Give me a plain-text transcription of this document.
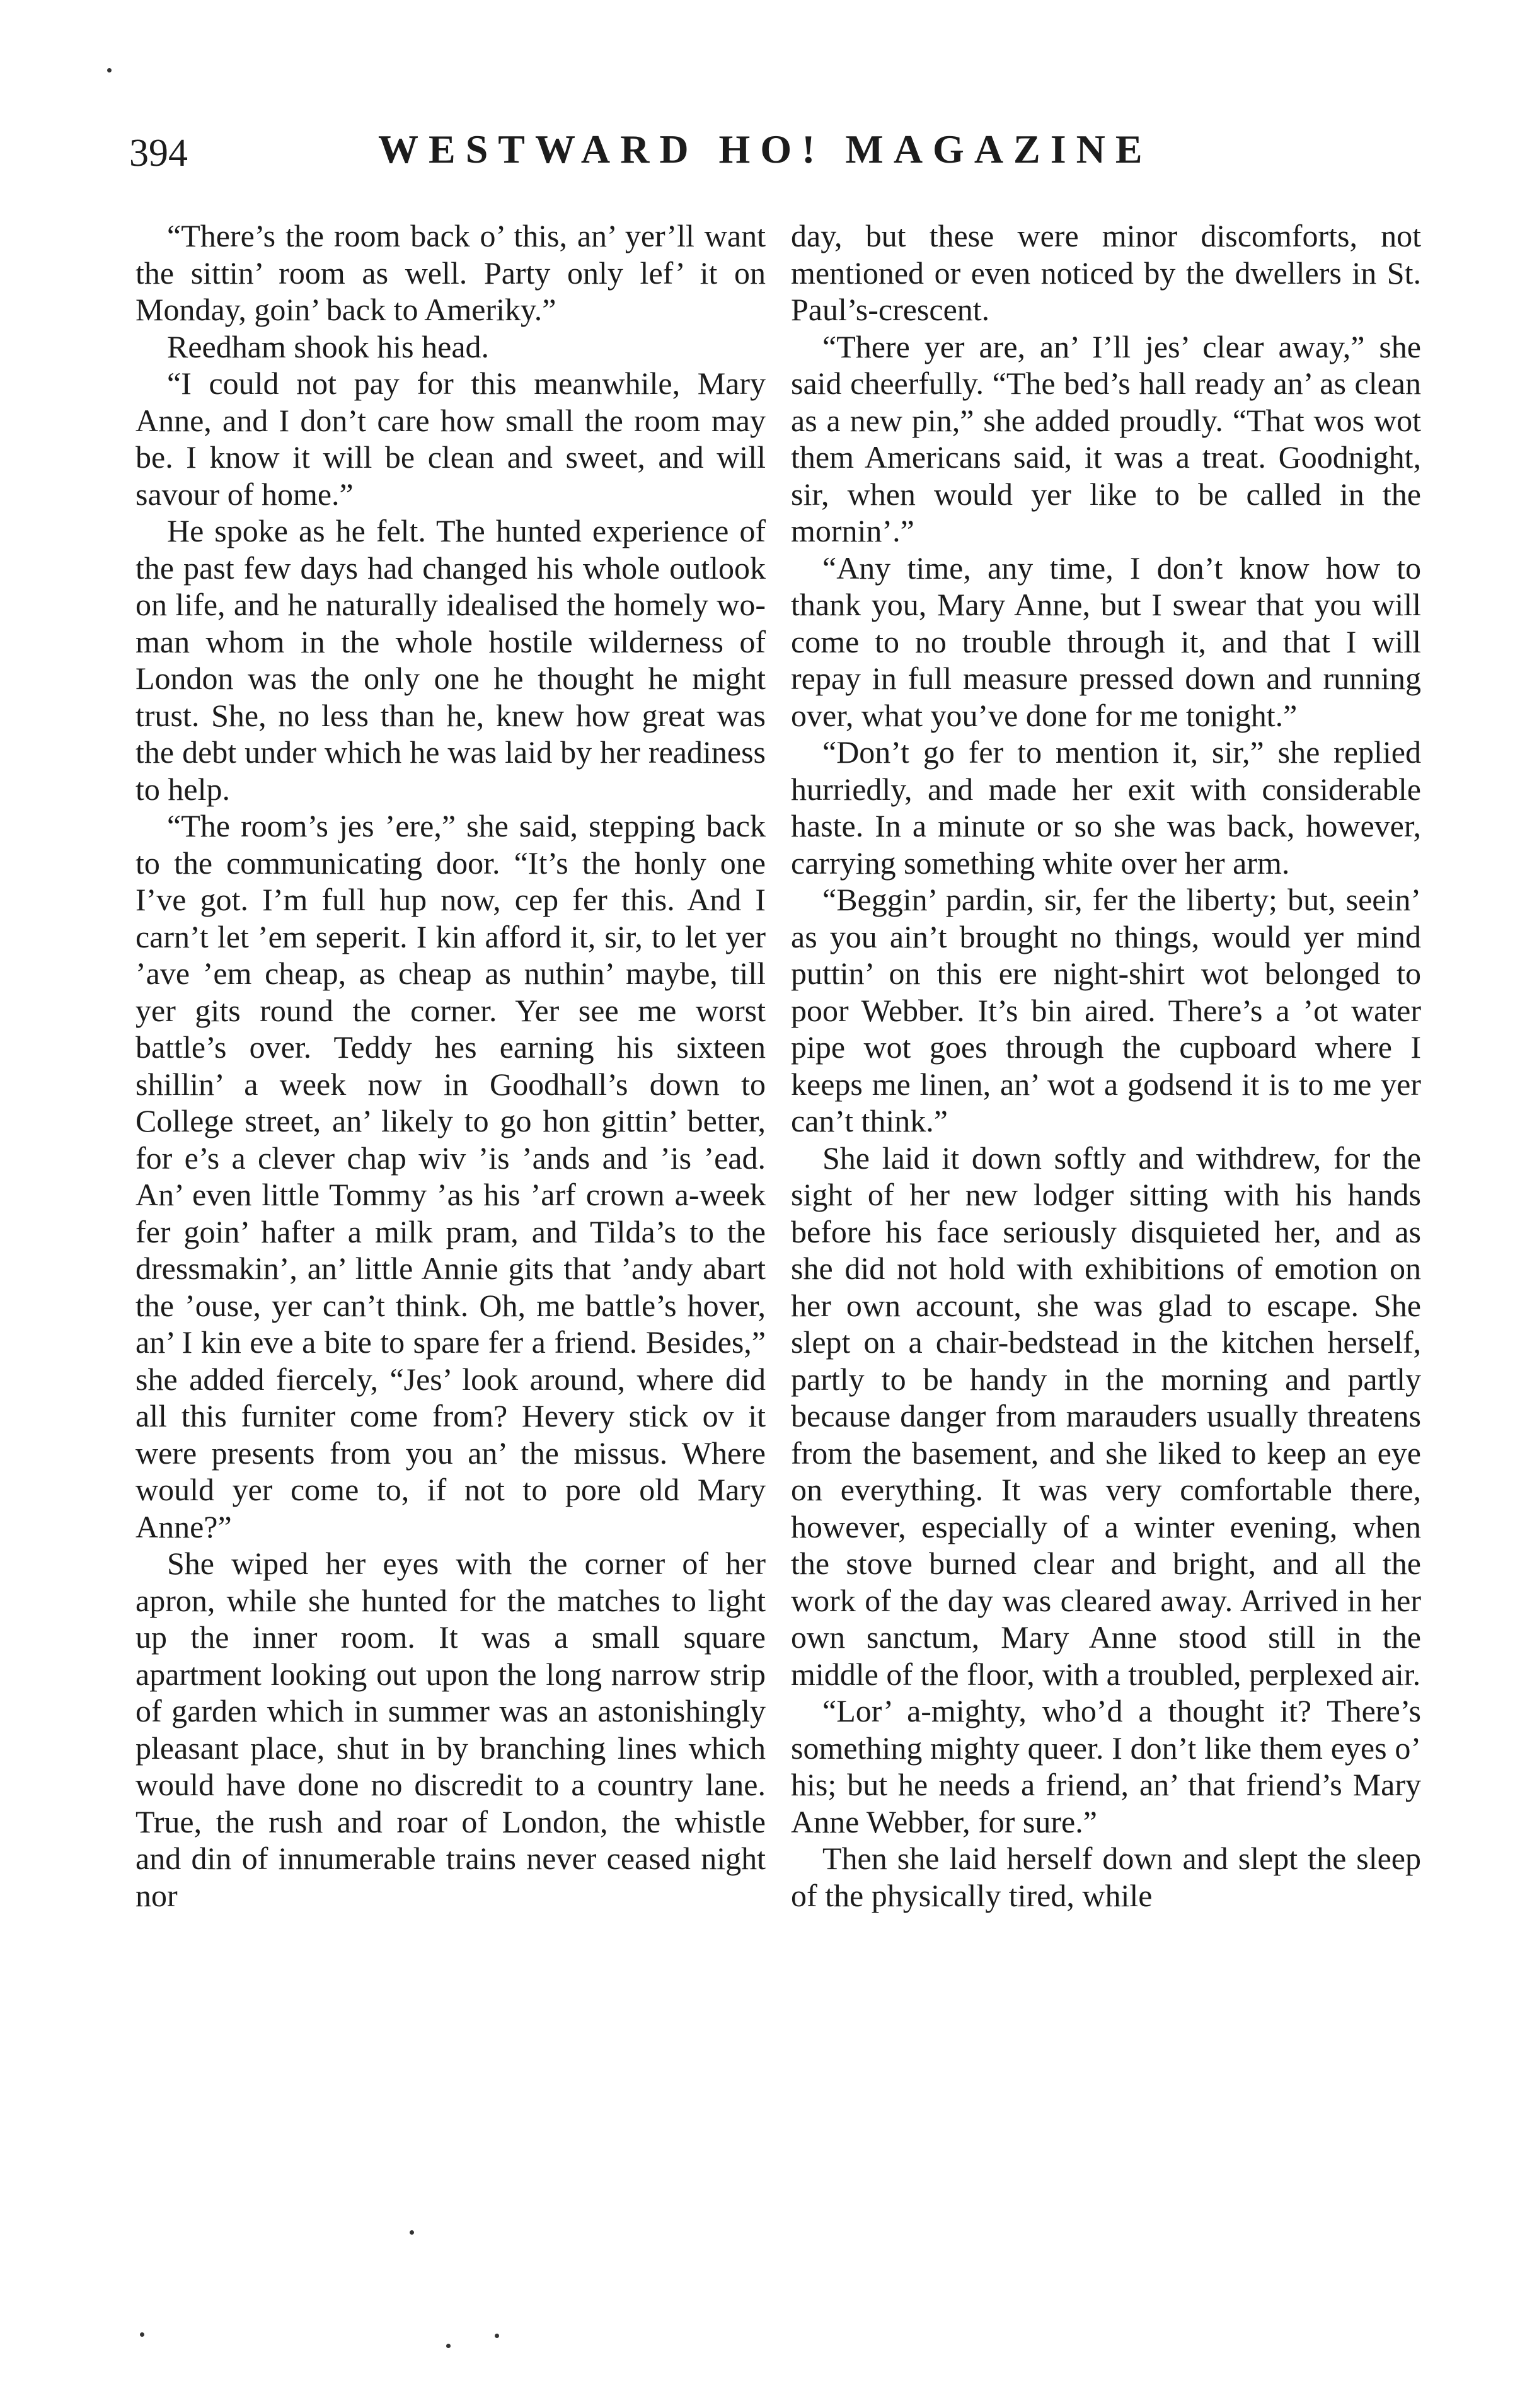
394	WESTWARD HO! MAGAZINE

“There’s the room back o’ this, an’ yer’ll want the sittin’ room as well. Party only lef’ it on Monday, goin’ back to Ameriky.”

Reedham shook his head.

“I could not pay for this meanwhile, Mary Anne, and I don’t care how small the room may be. I know it will be clean and sweet, and will savour of home.”

He spoke as he felt. The hunted experience of the past few days had changed his whole outlook on life, and he naturally idealised the homely woman whom in the whole hostile wilderness of London was the only one he thought he might trust. She, no less than he, knew how great was the debt under which he was laid by her readiness to help.

“The room’s jes ’ere,” she said, stepping back to the communicating door. “It’s the honly one I’ve got. I’m full hup now, cep fer this. And I carn’t let ’em seperit. I kin afford it, sir, to let yer ’ave ’em cheap, as cheap as nuthin’ maybe, till yer gits round the corner. Yer see me worst battle’s over. Teddy hes earning his sixteen shillin’ a week now in Goodhall’s down to College street, an’ likely to go hon gittin’ better, for e’s a clever chap wiv ’is ’ands and ’is ’ead. An’ even little Tommy ’as his ’arf crown a-week fer goin’ hafter a milk pram, and Tilda’s to the dressmakin’, an’ little Annie gits that ’andy abart the ’ouse, yer can’t think. Oh, me battle’s hover, an’ I kin eve a bite to spare fer a friend. Besides,” she added fiercely, “Jes’ look around, where did all this furniter come from? Hevery stick ov it were presents from you an’ the missus. Where would yer come to, if not to pore old Mary Anne?”

She wiped her eyes with the corner of her apron, while she hunted for the matches to light up the inner room. It was a small square apartment looking out upon the long narrow strip of garden which in summer was an astonishingly pleasant place, shut in by branching lines which would have done no discredit to a country lane. True, the rush and roar of London, the whistle and din of innumerable trains never ceased night nor

day, but these were minor discomforts, not mentioned or even noticed by the dwellers in St. Paul’s-crescent.

“There yer are, an’ I’ll jes’ clear away,” she said cheerfully. “The bed’s hall ready an’ as clean as a new pin,” she added proudly. “That wos wot them Americans said, it was a treat. Goodnight, sir, when would yer like to be called in the mornin’.”

“Any time, any time, I don’t know how to thank you, Mary Anne, but I swear that you will come to no trouble through it, and that I will repay in full measure pressed down and running over, what you’ve done for me tonight.”

“Don’t go fer to mention it, sir,” she replied hurriedly, and made her exit with considerable haste. In a minute or so she was back, however, carrying something white over her arm.

“Beggin’ pardin, sir, fer the liberty; but, seein’ as you ain’t brought no things, would yer mind puttin’ on this ere night-shirt wot belonged to poor Webber. It’s bin aired. There’s a ’ot water pipe wot goes through the cupboard where I keeps me linen, an’ wot a godsend it is to me yer can’t think.”

She laid it down softly and withdrew, for the sight of her new lodger sitting with his hands before his face seriously disquieted her, and as she did not hold with exhibitions of emotion on her own account, she was glad to escape. She slept on a chair-bedstead in the kitchen herself, partly to be handy in the morning and partly because danger from marauders usually threatens from the basement, and she liked to keep an eye on everything. It was very comfortable there, however, especially of a winter evening, when the stove burned clear and bright, and all the work of the day was cleared away. Arrived in her own sanctum, Mary Anne stood still in the middle of the floor, with a troubled, perplexed air.

“Lor’ a-mighty, who’d a thought it? There’s something mighty queer. I don’t like them eyes o’ his; but he needs a friend, an’ that friend’s Mary Anne Webber, for sure.”

Then she laid herself down and slept the sleep of the physically tired, while
